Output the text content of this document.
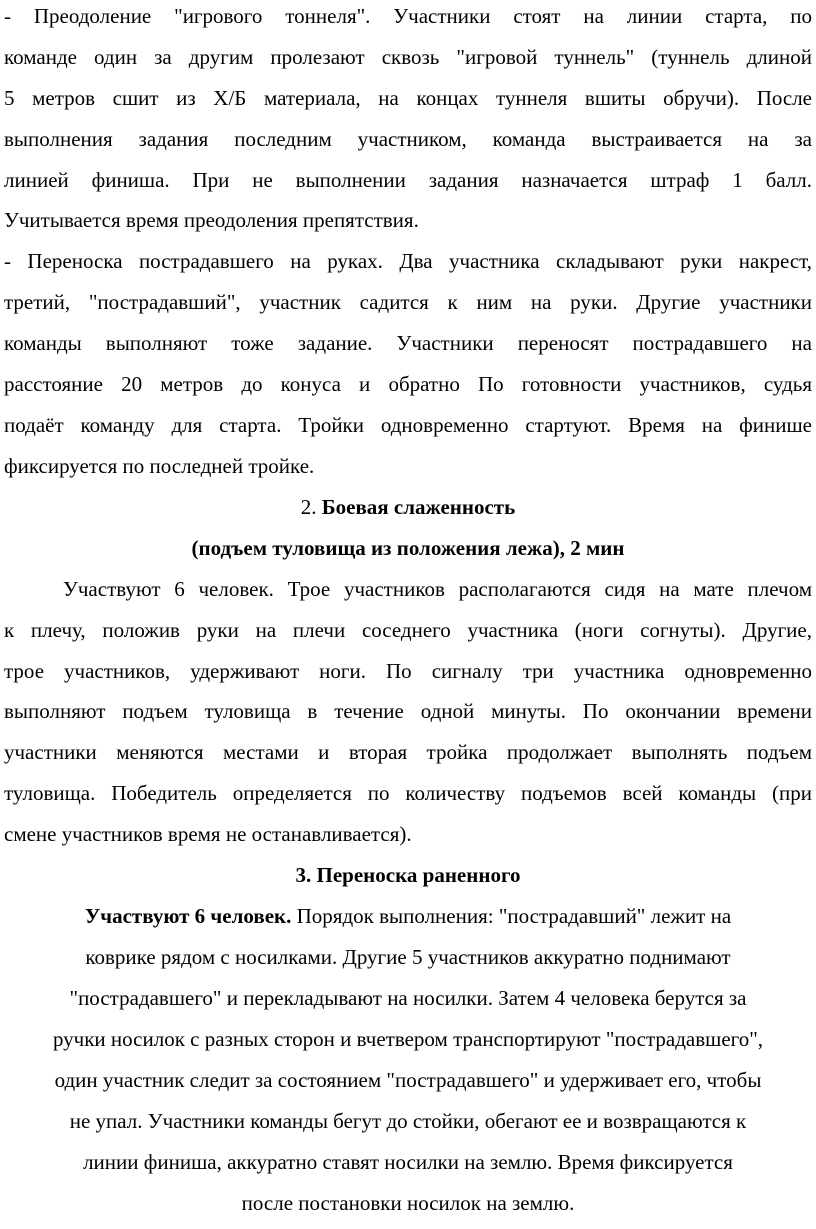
- Преодоление "игрового тоннеля". Участники стоят на линии старта, по
команде один за другим пролезают сквозь "игровой туннель" (туннель длиной
5 метров сшит из Х/Б материала, на концах туннеля вшиты обручи). После
выполнения задания последним участником, команда выстраивается на за
линией финиша. При не выполнении задания назначается штраф 1 балл.
Учитывается время преодоления препятствия.
- Переноска пострадавшего на руках. Два участника складывают руки накрест,
третий, "пострадавший", участник садится к ним на руки. Другие участники
команды выполняют тоже задание. Участники переносят пострадавшего на
расстояние 20 метров до конуса и обратно По готовности участников, судья
подаёт команду для старта. Тройки одновременно стартуют. Время на финише
фиксируется по последней тройке.
2. Боевая слаженность
(подъем туловища из положения лежа), 2 мин
Участвуют 6 человек. Трое участников располагаются сидя на мате плечом
к плечу, положив руки на плечи соседнего участника (ноги согнуты). Другие,
трое участников, удерживают ноги. По сигналу три участника одновременно
выполняют подъем туловища в течение одной минуты. По окончании времени
участники меняются местами и вторая тройка продолжает выполнять подъем
туловища. Победитель определяется по количеству подъемов всей команды (при
смене участников время не останавливается).
3. Переноска раненного
Участвуют 6 человек. Порядок выполнения: "пострадавший" лежит на
коврике рядом с носилками. Другие 5 участников аккуратно поднимают
"пострадавшего" и перекладывают на носилки. Затем 4 человека берутся за
ручки носилок с разных сторон и вчетвером транспортируют "пострадавшего",
один участник следит за состоянием "пострадавшего" и удерживает его, чтобы
не упал. Участники команды бегут до стойки, обегают ее и возвращаются к
линии финиша, аккуратно ставят носилки на землю. Время фиксируется
после постановки носилок на землю.
